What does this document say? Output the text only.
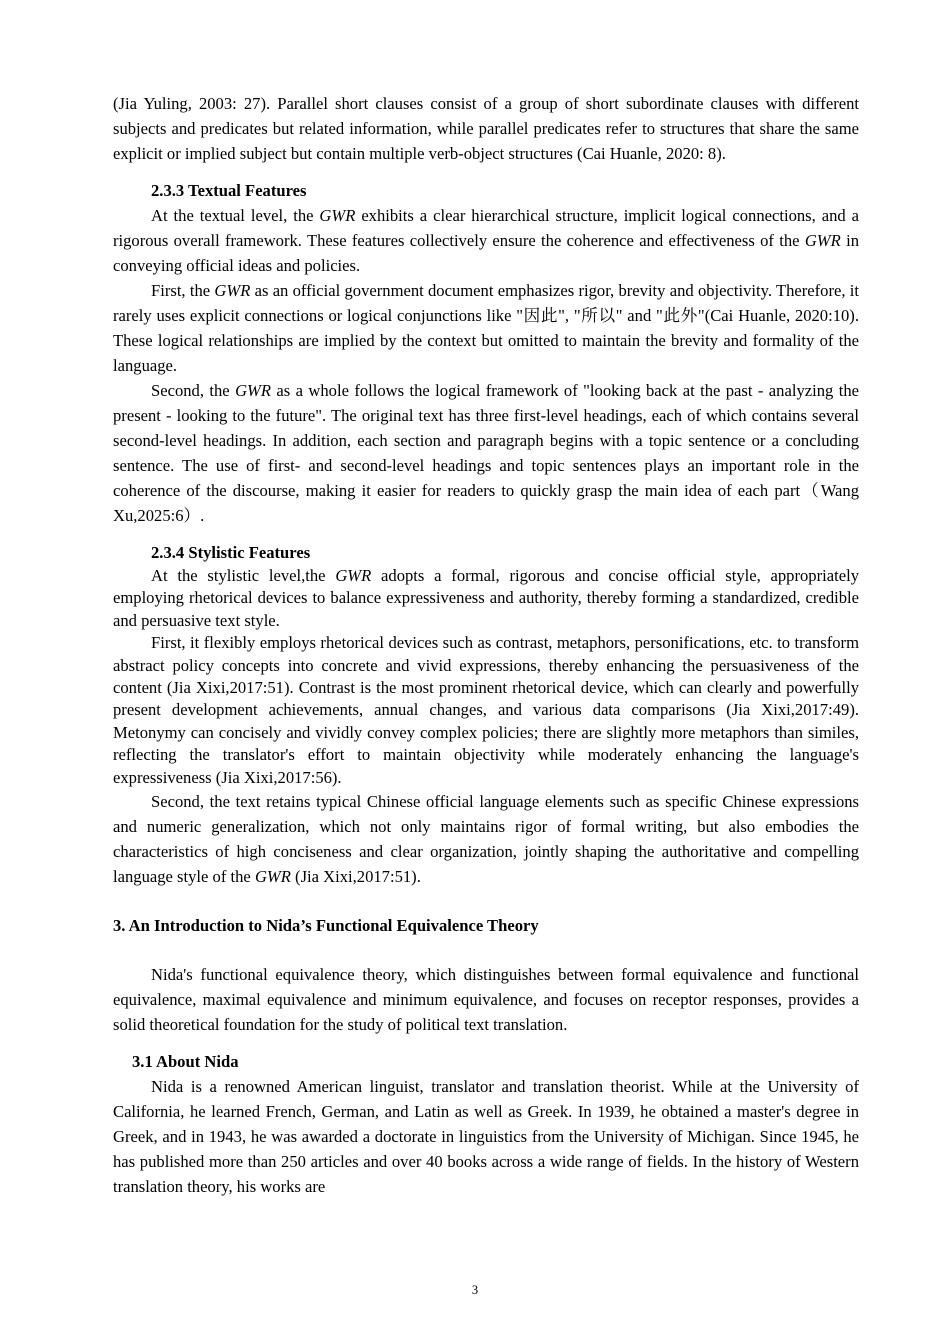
(Jia Yuling, 2003: 27). Parallel short clauses consist of a group of short subordinate clauses with different subjects and predicates but related information, while parallel predicates refer to structures that share the same explicit or implied subject but contain multiple verb-object structures (Cai Huanle, 2020: 8).

2.3.3 Textual Features

At the textual level, the GWR exhibits a clear hierarchical structure, implicit logical connections, and a rigorous overall framework. These features collectively ensure the coherence and effectiveness of the GWR in conveying official ideas and policies.

First, the GWR as an official government document emphasizes rigor, brevity and objectivity. Therefore, it rarely uses explicit connections or logical conjunctions like "因此", "所以" and "此外"(Cai Huanle, 2020:10). These logical relationships are implied by the context but omitted to maintain the brevity and formality of the language.

Second, the GWR as a whole follows the logical framework of "looking back at the past - analyzing the present - looking to the future". The original text has three first-level headings, each of which contains several second-level headings. In addition, each section and paragraph begins with a topic sentence or a concluding sentence. The use of first- and second-level headings and topic sentences plays an important role in the coherence of the discourse, making it easier for readers to quickly grasp the main idea of each part（Wang Xu,2025:6）.

2.3.4 Stylistic Features

At the stylistic level,the GWR adopts a formal, rigorous and concise official style, appropriately employing rhetorical devices to balance expressiveness and authority, thereby forming a standardized, credible and persuasive text style.

First, it flexibly employs rhetorical devices such as contrast, metaphors, personifications, etc. to transform abstract policy concepts into concrete and vivid expressions, thereby enhancing the persuasiveness of the content (Jia Xixi,2017:51). Contrast is the most prominent rhetorical device, which can clearly and powerfully present development achievements, annual changes, and various data comparisons (Jia Xixi,2017:49). Metonymy can concisely and vividly convey complex policies; there are slightly more metaphors than similes, reflecting the translator's effort to maintain objectivity while moderately enhancing the language's expressiveness (Jia Xixi,2017:56).

Second, the text retains typical Chinese official language elements such as specific Chinese expressions and numeric generalization, which not only maintains rigor of formal writing, but also embodies the characteristics of high conciseness and clear organization, jointly shaping the authoritative and compelling language style of the GWR (Jia Xixi,2017:51).

3. An Introduction to Nida’s Functional Equivalence Theory

Nida's functional equivalence theory, which distinguishes between formal equivalence and functional equivalence, maximal equivalence and minimum equivalence, and focuses on receptor responses, provides a solid theoretical foundation for the study of political text translation.

3.1 About Nida

Nida is a renowned American linguist, translator and translation theorist. While at the University of California, he learned French, German, and Latin as well as Greek. In 1939, he obtained a master's degree in Greek, and in 1943, he was awarded a doctorate in linguistics from the University of Michigan. Since 1945, he has published more than 250 articles and over 40 books across a wide range of fields. In the history of Western translation theory, his works are

3
